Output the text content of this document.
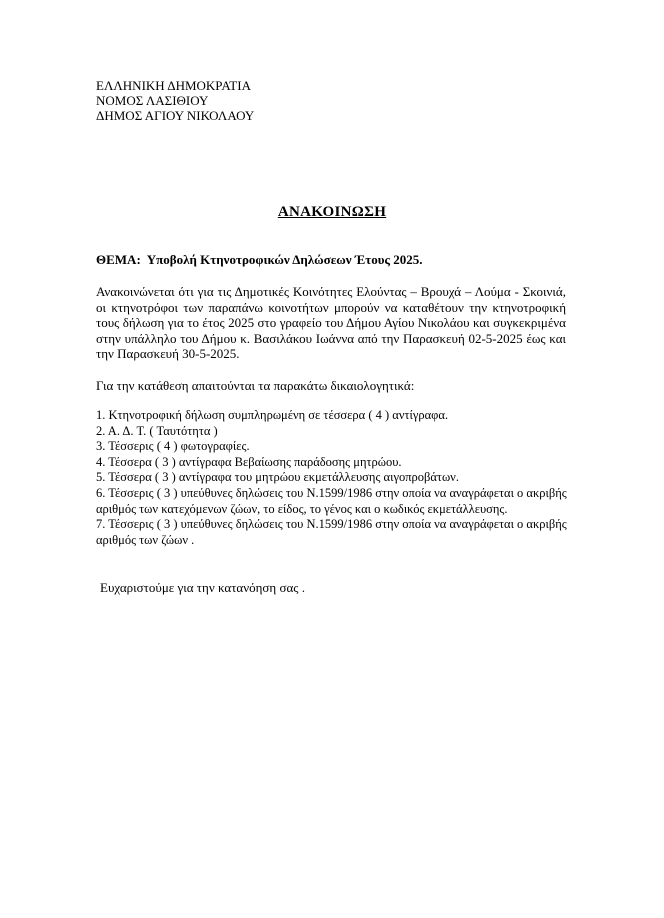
ΕΛΛΗΝΙΚΗ ΔΗΜΟΚΡΑΤΙΑ
ΝΟΜΟΣ ΛΑΣΙΘΙΟΥ
ΔΗΜΟΣ ΑΓΙΟΥ ΝΙΚΟΛΑΟΥ
ΑΝΑΚΟΙΝΩΣΗ
ΘΕΜΑ: Υποβολή Κτηνοτροφικών Δηλώσεων Έτους 2025.
Ανακοινώνεται ότι για τις Δημοτικές Κοινότητες Ελούντας – Βρουχά – Λούμα - Σκοινιά, οι κτηνοτρόφοι των παραπάνω κοινοτήτων μπορούν να καταθέτουν την κτηνοτροφική τους δήλωση για το έτος 2025 στο γραφείο του Δήμου Αγίου Νικολάου και συγκεκριμένα στην υπάλληλο του Δήμου κ. Βασιλάκου Ιωάννα από την Παρασκευή 02-5-2025 έως και την Παρασκευή 30-5-2025.
Για την κατάθεση απαιτούνται τα παρακάτω δικαιολογητικά:
1. Κτηνοτροφική δήλωση συμπληρωμένη σε τέσσερα ( 4 ) αντίγραφα.
2. Α. Δ. Τ. ( Ταυτότητα )
3. Τέσσερις ( 4 ) φωτογραφίες.
4. Τέσσερα ( 3 ) αντίγραφα Βεβαίωσης παράδοσης μητρώου.
5. Τέσσερα ( 3 ) αντίγραφα του μητρώου εκμετάλλευσης αιγοπροβάτων.
6. Τέσσερις ( 3 ) υπεύθυνες δηλώσεις του Ν.1599/1986 στην οποία να αναγράφεται ο ακριβής αριθμός των κατεχόμενων ζώων, το είδος, το γένος και ο κωδικός εκμετάλλευσης.
7. Τέσσερις ( 3 ) υπεύθυνες δηλώσεις του Ν.1599/1986 στην οποία να αναγράφεται ο ακριβής αριθμός των ζώων .
Ευχαριστούμε για την κατανόηση σας .
